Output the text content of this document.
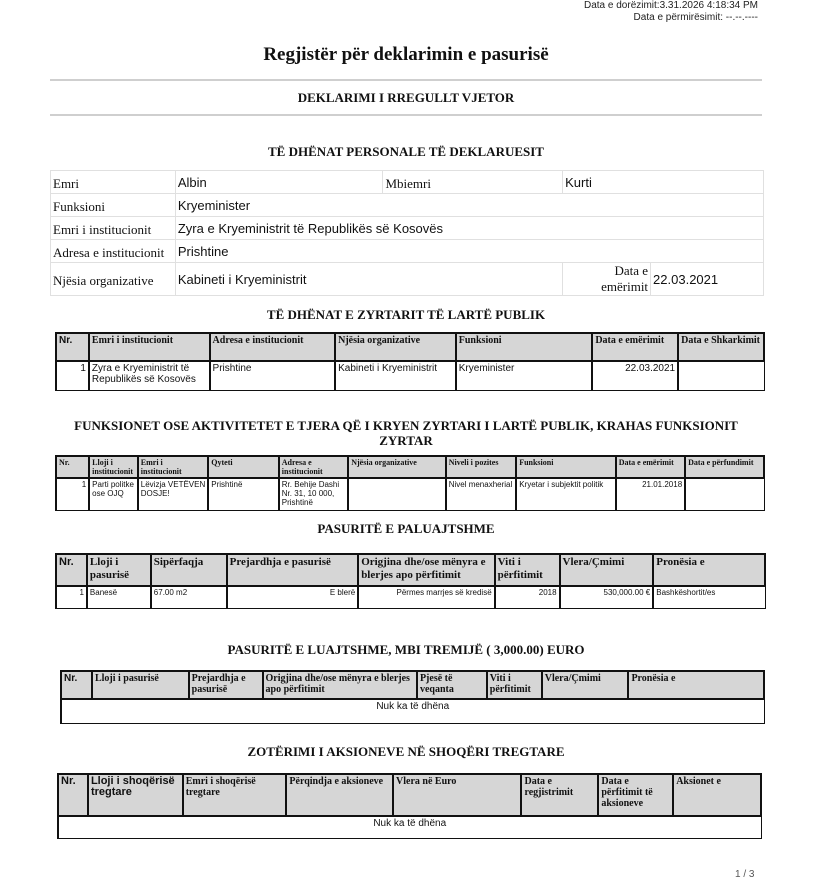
Data e dorëzimit:3.31.2026 4:18:34 PM
Data e përmirësimit: --.--.----
Regjistër për deklarimin e pasurisë
DEKLARIMI I RREGULLT VJETOR
TË DHËNAT PERSONALE TË DEKLARUESIT
Emri	Albin	Mbiemri	Kurti	
Funksioni	Kryeminister			
Emri i institucionit	Zyra e Kryeministrit të Republikës së Kosovës			
Adresa e institucionit	Prishtine			
Njësia organizative	Kabineti i Kryeministrit		Data e emërimit	22.03.2021
TË DHËNAT E ZYRTARIT TË LARTË PUBLIK
Nr.	Emri i institucionit	Adresa e institucionit	Njësia organizative	Funksioni	Data e emërimit	Data e Shkarkimit
1	Zyra e Kryeministrit të Republikës së Kosovës	Prishtine	Kabineti i Kryeministrit	Kryeminister	22.03.2021	
FUNKSIONET OSE AKTIVITETET E TJERA QË I KRYEN ZYRTARI I LARTË PUBLIK, KRAHAS FUNKSIONIT ZYRTAR
Nr.	Lloji i institucionit	Emri i institucionit	Qyteti	Adresa e institucionit	Njësia organizative	Niveli i pozites	Funksioni	Data e emërimit	Data e përfundimit
1	Parti politke ose OJQ	Lëvizja VETËVENDOSJE!	Prishtinë	Rr. Behije Dashi Nr. 31, 10 000, Prishtinë		Nivel menaxherial	Kryetar i subjektit politik	21.01.2018	
PASURITË E PALUAJTSHME
Nr.	Lloji i pasurisë	Sipërfaqja	Prejardhja e pasurisë	Origjina dhe/ose mënyra e blerjes apo përfitimit	Viti i përfitimit	Vlera/Çmimi	Pronësia e
1	Banesë	67.00 m2	E blerë	Përmes marrjes së kredisë	2018	530,000.00 €	Bashkëshortit/es
PASURITË E LUAJTSHME, MBI TREMIJË ( 3,000.00) EURO
Nr.	Lloji i pasurisë	Prejardhja e pasurisë	Origjina dhe/ose mënyra e blerjes apo përfitimit	Pjesë të veqanta	Viti i përfitimit	Vlera/Çmimi	Pronësia e
Nuk ka të dhëna
ZOTËRIMI I AKSIONEVE NË SHOQËRI TREGTARE
Nr.	Lloji i shoqërisë tregtare	Emri i shoqërisë tregtare	Përqindja e aksioneve	Vlera në Euro	Data e regjistrimit	Data e përfitimit të aksioneve	Aksionet e
Nuk ka të dhëna
1 / 3
